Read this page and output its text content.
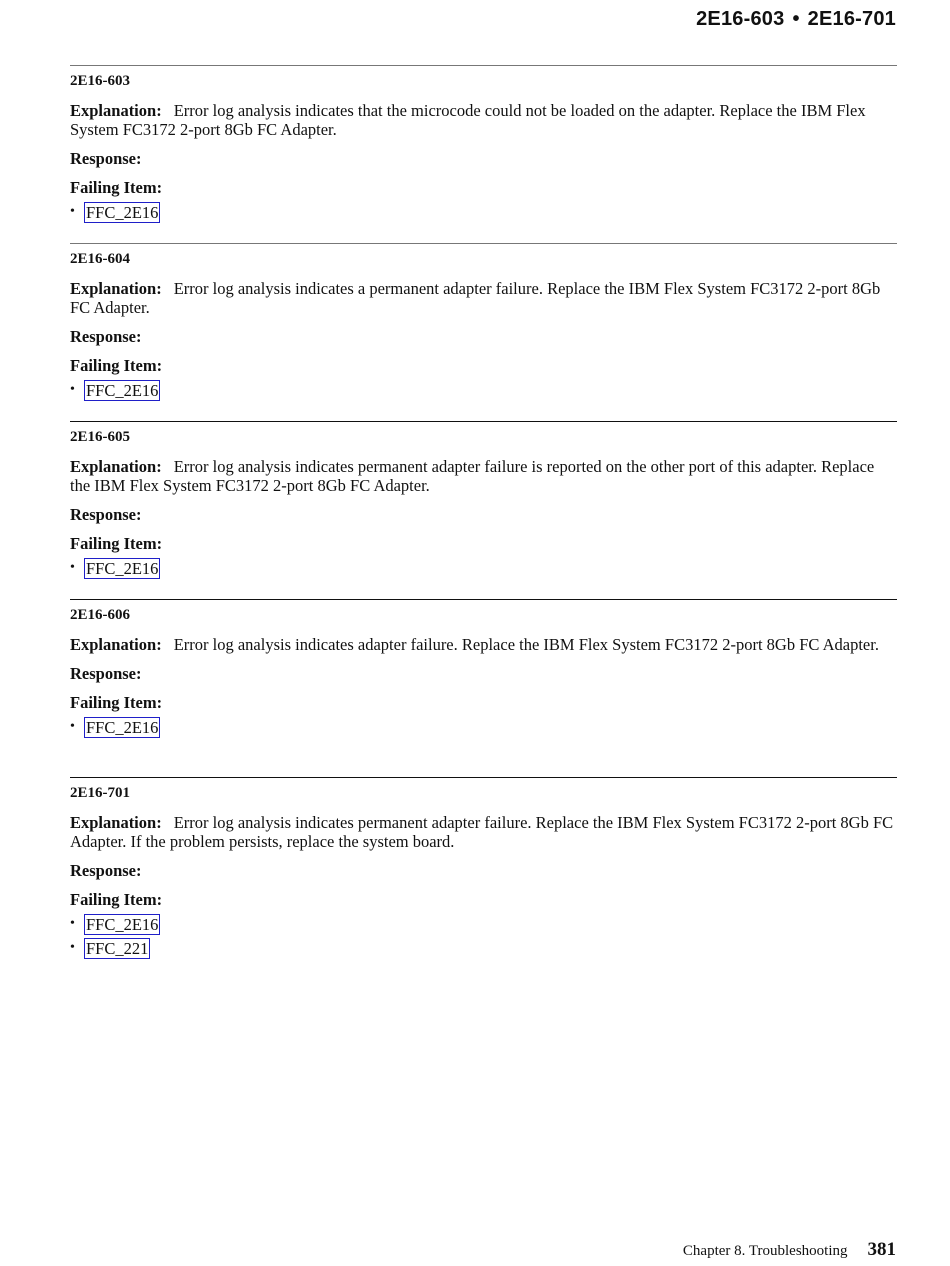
2E16-603 • 2E16-701
2E16-603
Explanation: Error log analysis indicates that the microcode could not be loaded on the adapter. Replace the IBM Flex System FC3172 2-port 8Gb FC Adapter.
Response:
Failing Item:
• FFC_2E16
2E16-604
Explanation: Error log analysis indicates a permanent adapter failure. Replace the IBM Flex System FC3172 2-port 8Gb FC Adapter.
Response:
Failing Item:
• FFC_2E16
2E16-605
Explanation: Error log analysis indicates permanent adapter failure is reported on the other port of this adapter. Replace the IBM Flex System FC3172 2-port 8Gb FC Adapter.
Response:
Failing Item:
• FFC_2E16
2E16-606
Explanation: Error log analysis indicates adapter failure. Replace the IBM Flex System FC3172 2-port 8Gb FC Adapter.
Response:
Failing Item:
• FFC_2E16
2E16-701
Explanation: Error log analysis indicates permanent adapter failure. Replace the IBM Flex System FC3172 2-port 8Gb FC Adapter. If the problem persists, replace the system board.
Response:
Failing Item:
• FFC_2E16
• FFC_221
Chapter 8. Troubleshooting 381
